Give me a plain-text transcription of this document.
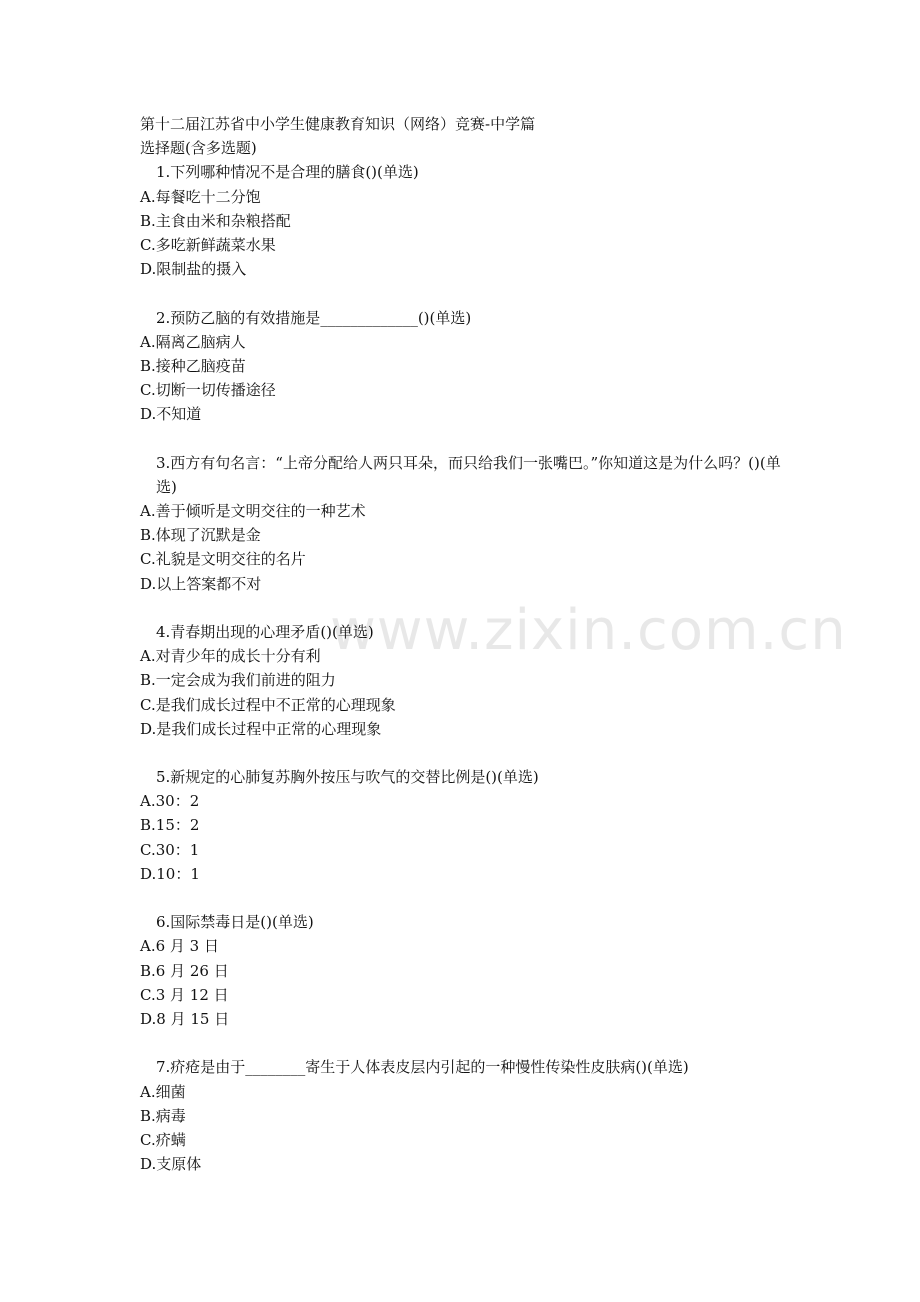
第十二届江苏省中小学生健康教育知识（网络）竞赛-中学篇
选择题(含多选题)
1.下列哪种情况不是合理的膳食()(单选)
A.每餐吃十二分饱
B.主食由米和杂粮搭配
C.多吃新鲜蔬菜水果
D.限制盐的摄入
2.预防乙脑的有效措施是_____________()(单选)
A.隔离乙脑病人
B.接种乙脑疫苗
C.切断一切传播途径
D.不知道
3.西方有句名言：“上帝分配给人两只耳朵，而只给我们一张嘴巴。”你知道这是为什么吗？()(单选)
A.善于倾听是文明交往的一种艺术
B.体现了沉默是金
C.礼貌是文明交往的名片
D.以上答案都不对
4.青春期出现的心理矛盾()(单选)
A.对青少年的成长十分有利
B.一定会成为我们前进的阻力
C.是我们成长过程中不正常的心理现象
D.是我们成长过程中正常的心理现象
5.新规定的心肺复苏胸外按压与吹气的交替比例是()(单选)
A.30：2
B.15：2
C.30：1
D.10：1
6.国际禁毒日是()(单选)
A.6 月 3 日
B.6 月 26 日
C.3 月 12 日
D.8 月 15 日
7.疥疮是由于________寄生于人体表皮层内引起的一种慢性传染性皮肤病()(单选)
A.细菌
B.病毒
C.疥螨
D.支原体
www.zixin.com.cn
